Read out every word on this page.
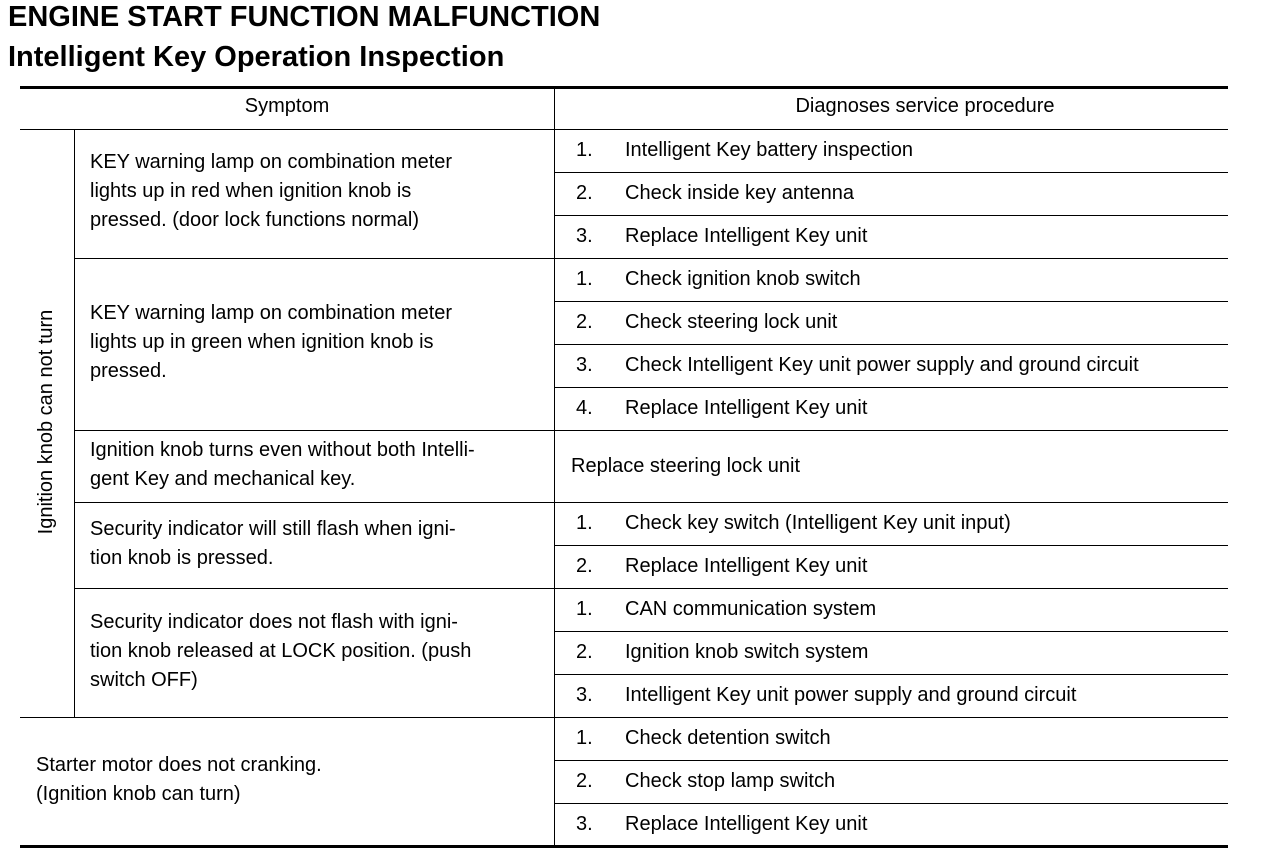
ENGINE START FUNCTION MALFUNCTION
Intelligent Key Operation Inspection
Symptom	Diagnoses service procedure
Ignition knob can not turn
KEY warning lamp on combination meter
lights up in red when ignition knob is
pressed. (door lock functions normal)
1. Intelligent Key battery inspection
2. Check inside key antenna
3. Replace Intelligent Key unit
KEY warning lamp on combination meter
lights up in green when ignition knob is
pressed.
1. Check ignition knob switch
2. Check steering lock unit
3. Check Intelligent Key unit power supply and ground circuit
4. Replace Intelligent Key unit
Ignition knob turns even without both Intelli-
gent Key and mechanical key.
Replace steering lock unit
Security indicator will still flash when igni-
tion knob is pressed.
1. Check key switch (Intelligent Key unit input)
2. Replace Intelligent Key unit
Security indicator does not flash with igni-
tion knob released at LOCK position. (push
switch OFF)
1. CAN communication system
2. Ignition knob switch system
3. Intelligent Key unit power supply and ground circuit
Starter motor does not cranking.
(Ignition knob can turn)
1. Check detention switch
2. Check stop lamp switch
3. Replace Intelligent Key unit
